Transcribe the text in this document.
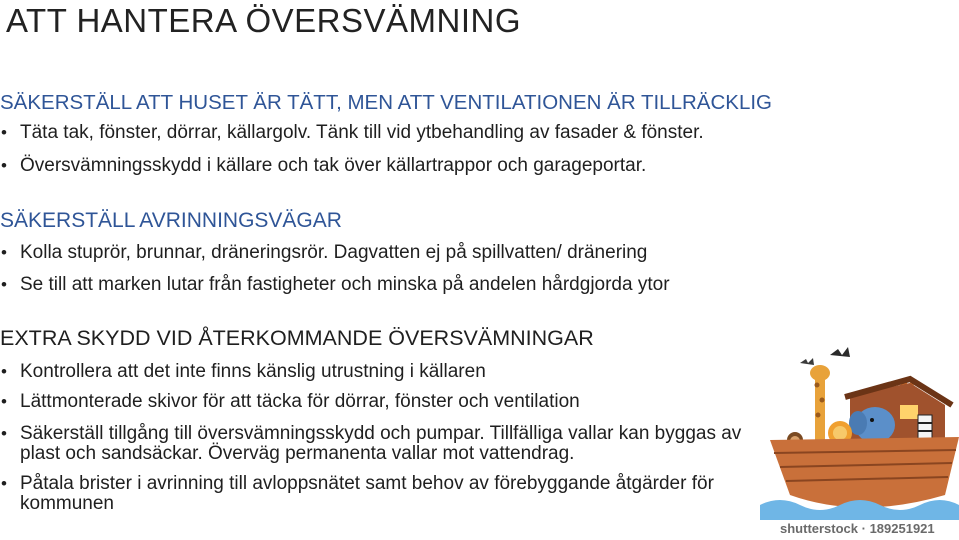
ATT HANTERA ÖVERSVÄMNING
SÄKERSTÄLL ATT HUSET ÄR TÄTT, MEN ATT VENTILATIONEN ÄR TILLRÄCKLIG
• Täta tak, fönster, dörrar, källargolv. Tänk till vid ytbehandling av fasader & fönster.
• Översvämningsskydd i källare och tak över källartrappor och garageportar.
SÄKERSTÄLL AVRINNINGSVÄGAR
• Kolla stuprör, brunnar, dräneringsrör. Dagvatten ej på spillvatten/ dränering
• Se till att marken lutar från fastigheter och minska på andelen hårdgjorda ytor
EXTRA SKYDD VID ÅTERKOMMANDE ÖVERSVÄMNINGAR
• Kontrollera att det inte finns känslig utrustning i källaren
• Lättmonterade skivor för att täcka för dörrar, fönster och ventilation
• Säkerställ tillgång till översvämningsskydd och pumpar. Tillfälliga vallar kan byggas av plast och sandsäckar. Överväg permanenta vallar mot vattendrag.
• Påtala brister i avrinning till avloppsnätet samt behov av förebyggande åtgärder för kommunen
shutterstock · 189251921
